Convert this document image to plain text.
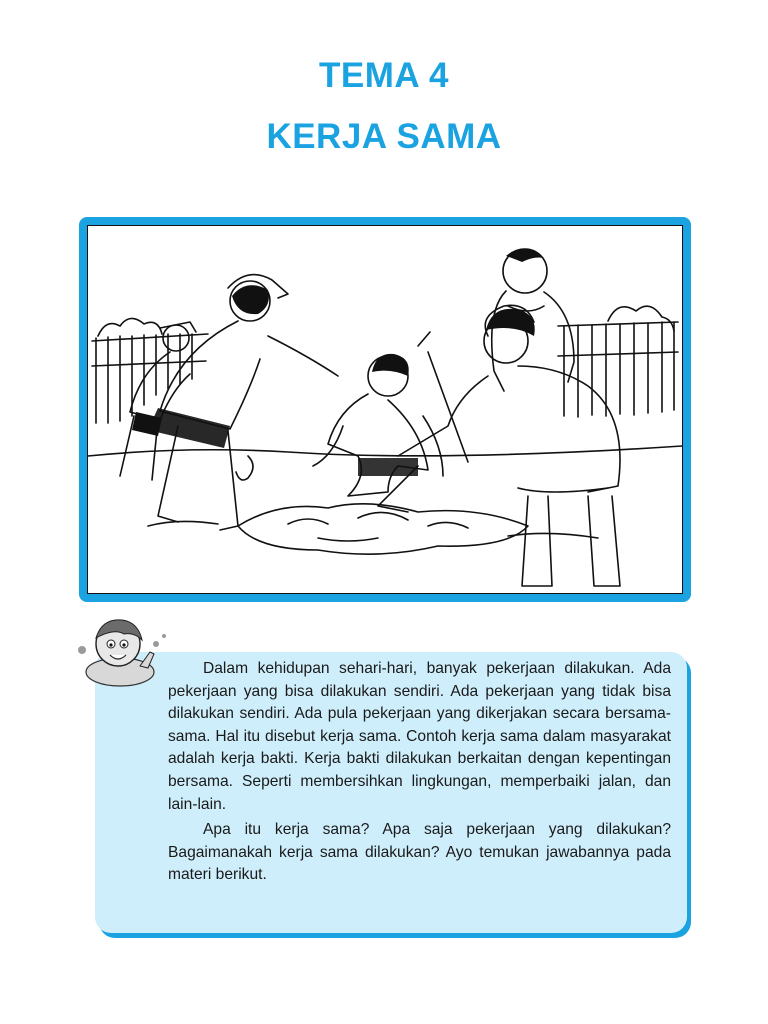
TEMA 4
KERJA SAMA

Dalam kehidupan sehari-hari, banyak pekerjaan dilakukan. Ada pekerjaan yang bisa dilakukan sendiri. Ada pekerjaan yang tidak bisa dilakukan sendiri. Ada pula pekerjaan yang dikerjakan secara bersama-sama. Hal itu disebut kerja sama. Contoh kerja sama dalam masyarakat adalah kerja bakti. Kerja bakti dilakukan berkaitan dengan kepentingan bersama. Seperti membersihkan lingkungan, memperbaiki jalan, dan lain-lain.

Apa itu kerja sama? Apa saja pekerjaan yang dilakukan? Bagaimanakah kerja sama dilakukan? Ayo temukan jawabannya pada materi berikut.
